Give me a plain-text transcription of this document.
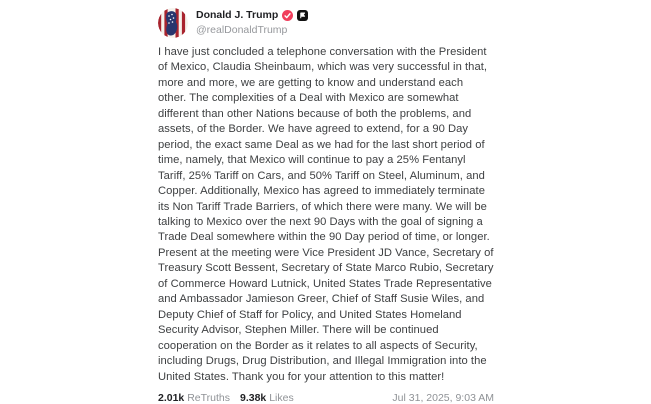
Donald J. Trump
@realDonaldTrump
I have just concluded a telephone conversation with the President of Mexico, Claudia Sheinbaum, which was very successful in that, more and more, we are getting to know and understand each other. The complexities of a Deal with Mexico are somewhat different than other Nations because of both the problems, and assets, of the Border. We have agreed to extend, for a 90 Day period, the exact same Deal as we had for the last short period of time, namely, that Mexico will continue to pay a 25% Fentanyl Tariff, 25% Tariff on Cars, and 50% Tariff on Steel, Aluminum, and Copper. Additionally, Mexico has agreed to immediately terminate its Non Tariff Trade Barriers, of which there were many. We will be talking to Mexico over the next 90 Days with the goal of signing a Trade Deal somewhere within the 90 Day period of time, or longer. Present at the meeting were Vice President JD Vance, Secretary of Treasury Scott Bessent, Secretary of State Marco Rubio, Secretary of Commerce Howard Lutnick, United States Trade Representative and Ambassador Jamieson Greer, Chief of Staff Susie Wiles, and Deputy Chief of Staff for Policy, and United States Homeland Security Advisor, Stephen Miller. There will be continued cooperation on the Border as it relates to all aspects of Security, including Drugs, Drug Distribution, and Illegal Immigration into the United States. Thank you for your attention to this matter!
2.01k ReTruths 9.38k Likes	Jul 31, 2025, 9:03 AM
